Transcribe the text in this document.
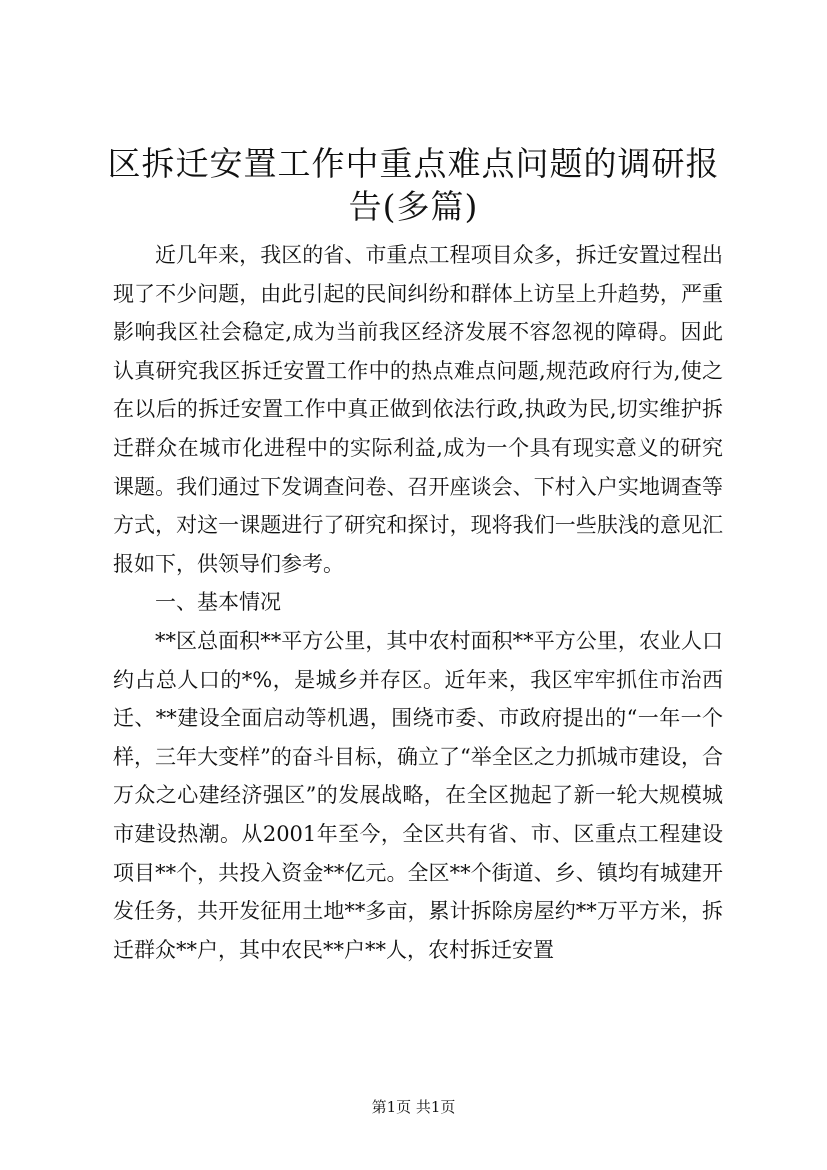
区拆迁安置工作中重点难点问题的调研报告(多篇)

近几年来，我区的省、市重点工程项目众多，拆迁安置过程出现了不少问题，由此引起的民间纠纷和群体上访呈上升趋势，严重影响我区社会稳定,成为当前我区经济发展不容忽视的障碍。因此认真研究我区拆迁安置工作中的热点难点问题,规范政府行为,使之在以后的拆迁安置工作中真正做到依法行政,执政为民,切实维护拆迁群众在城市化进程中的实际利益,成为一个具有现实意义的研究课题。我们通过下发调查问卷、召开座谈会、下村入户实地调查等方式，对这一课题进行了研究和探讨，现将我们一些肤浅的意见汇报如下，供领导们参考。

一、基本情况

**区总面积**平方公里，其中农村面积**平方公里，农业人口约占总人口的*%，是城乡并存区。近年来，我区牢牢抓住市治西迁、**建设全面启动等机遇，围绕市委、市政府提出的“一年一个样，三年大变样”的奋斗目标，确立了“举全区之力抓城市建设，合万众之心建经济强区”的发展战略，在全区抛起了新一轮大规模城市建设热潮。从2001年至今，全区共有省、市、区重点工程建设项目**个，共投入资金**亿元。全区**个街道、乡、镇均有城建开发任务，共开发征用土地**多亩，累计拆除房屋约**万平方米，拆迁群众**户，其中农民**户**人，农村拆迁安置

第1页 共1页
